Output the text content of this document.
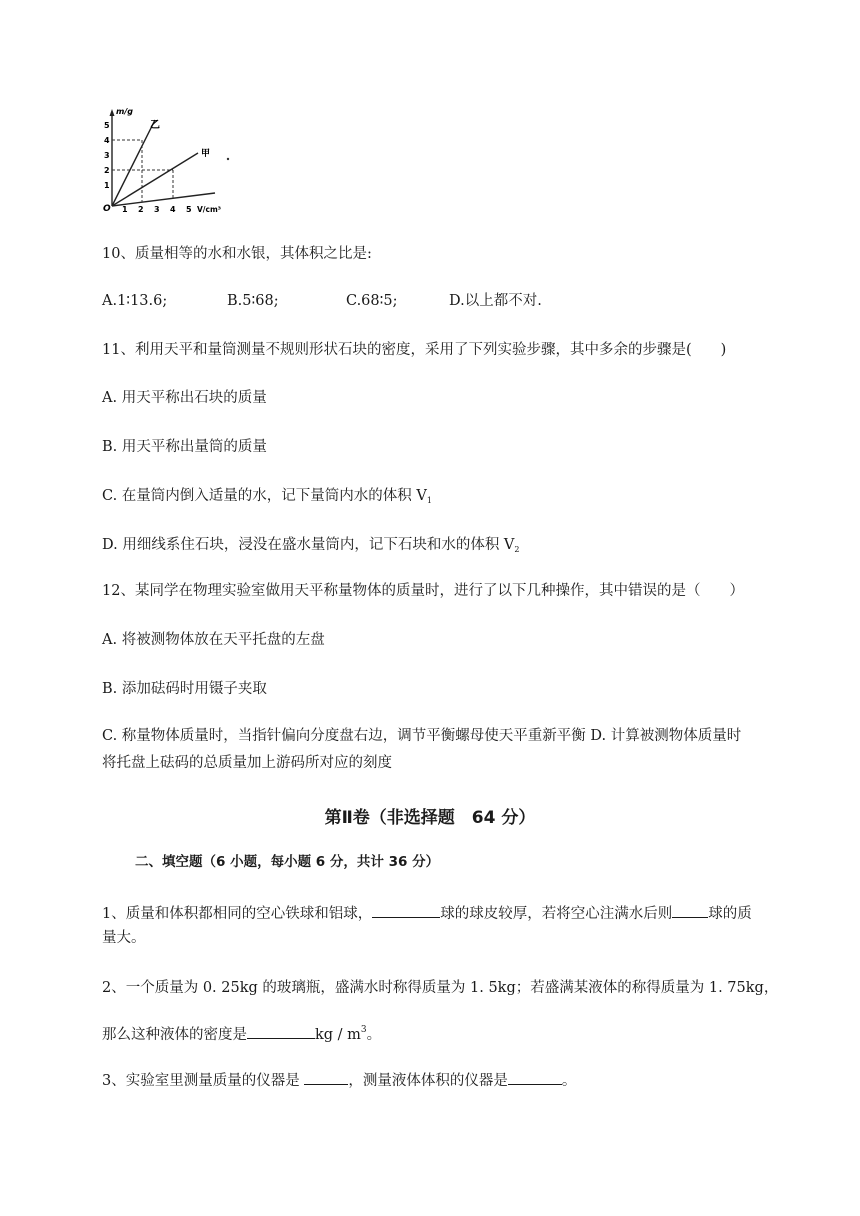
m/g
O
1
2
3
4
5
1 2 3 4 5 V/cm³
乙
甲
10、质量相等的水和水银，其体积之比是:
A.1∶13.6;	B.5∶68;	C.68∶5;	D.以上都不对.
11、利用天平和量筒测量不规则形状石块的密度，采用了下列实验步骤，其中多余的步骤是(　　)
A. 用天平称出石块的质量
B. 用天平称出量筒的质量
C. 在量筒内倒入适量的水，记下量筒内水的体积 $V_1$
D. 用细线系住石块，浸没在盛水量筒内，记下石块和水的体积 $V_2$
12、某同学在物理实验室做用天平称量物体的质量时，进行了以下几种操作，其中错误的是（　　）
A. 将被测物体放在天平托盘的左盘
B. 添加砝码时用镊子夹取
C. 称量物体质量时，当指针偏向分度盘右边，调节平衡螺母使天平重新平衡 D. 计算被测物体质量时
将托盘上砝码的总质量加上游码所对应的刻度
第Ⅱ卷（非选择题　64 分）
二、填空题（6 小题，每小题 6 分，共计 36 分）
1、质量和体积都相同的空心铁球和铝球，	球的球皮较厚，若将空心注满水后则 球的质
量大。
2、一个质量为 0. 25kg 的玻璃瓶，盛满水时称得质量为 1. 5kg；若盛满某液体的称得质量为 1. 75kg，
那么这种液体的密度是	kg / $m^3$。
3、实验室里测量质量的仪器是	，测量液体体积的仪器是	。
